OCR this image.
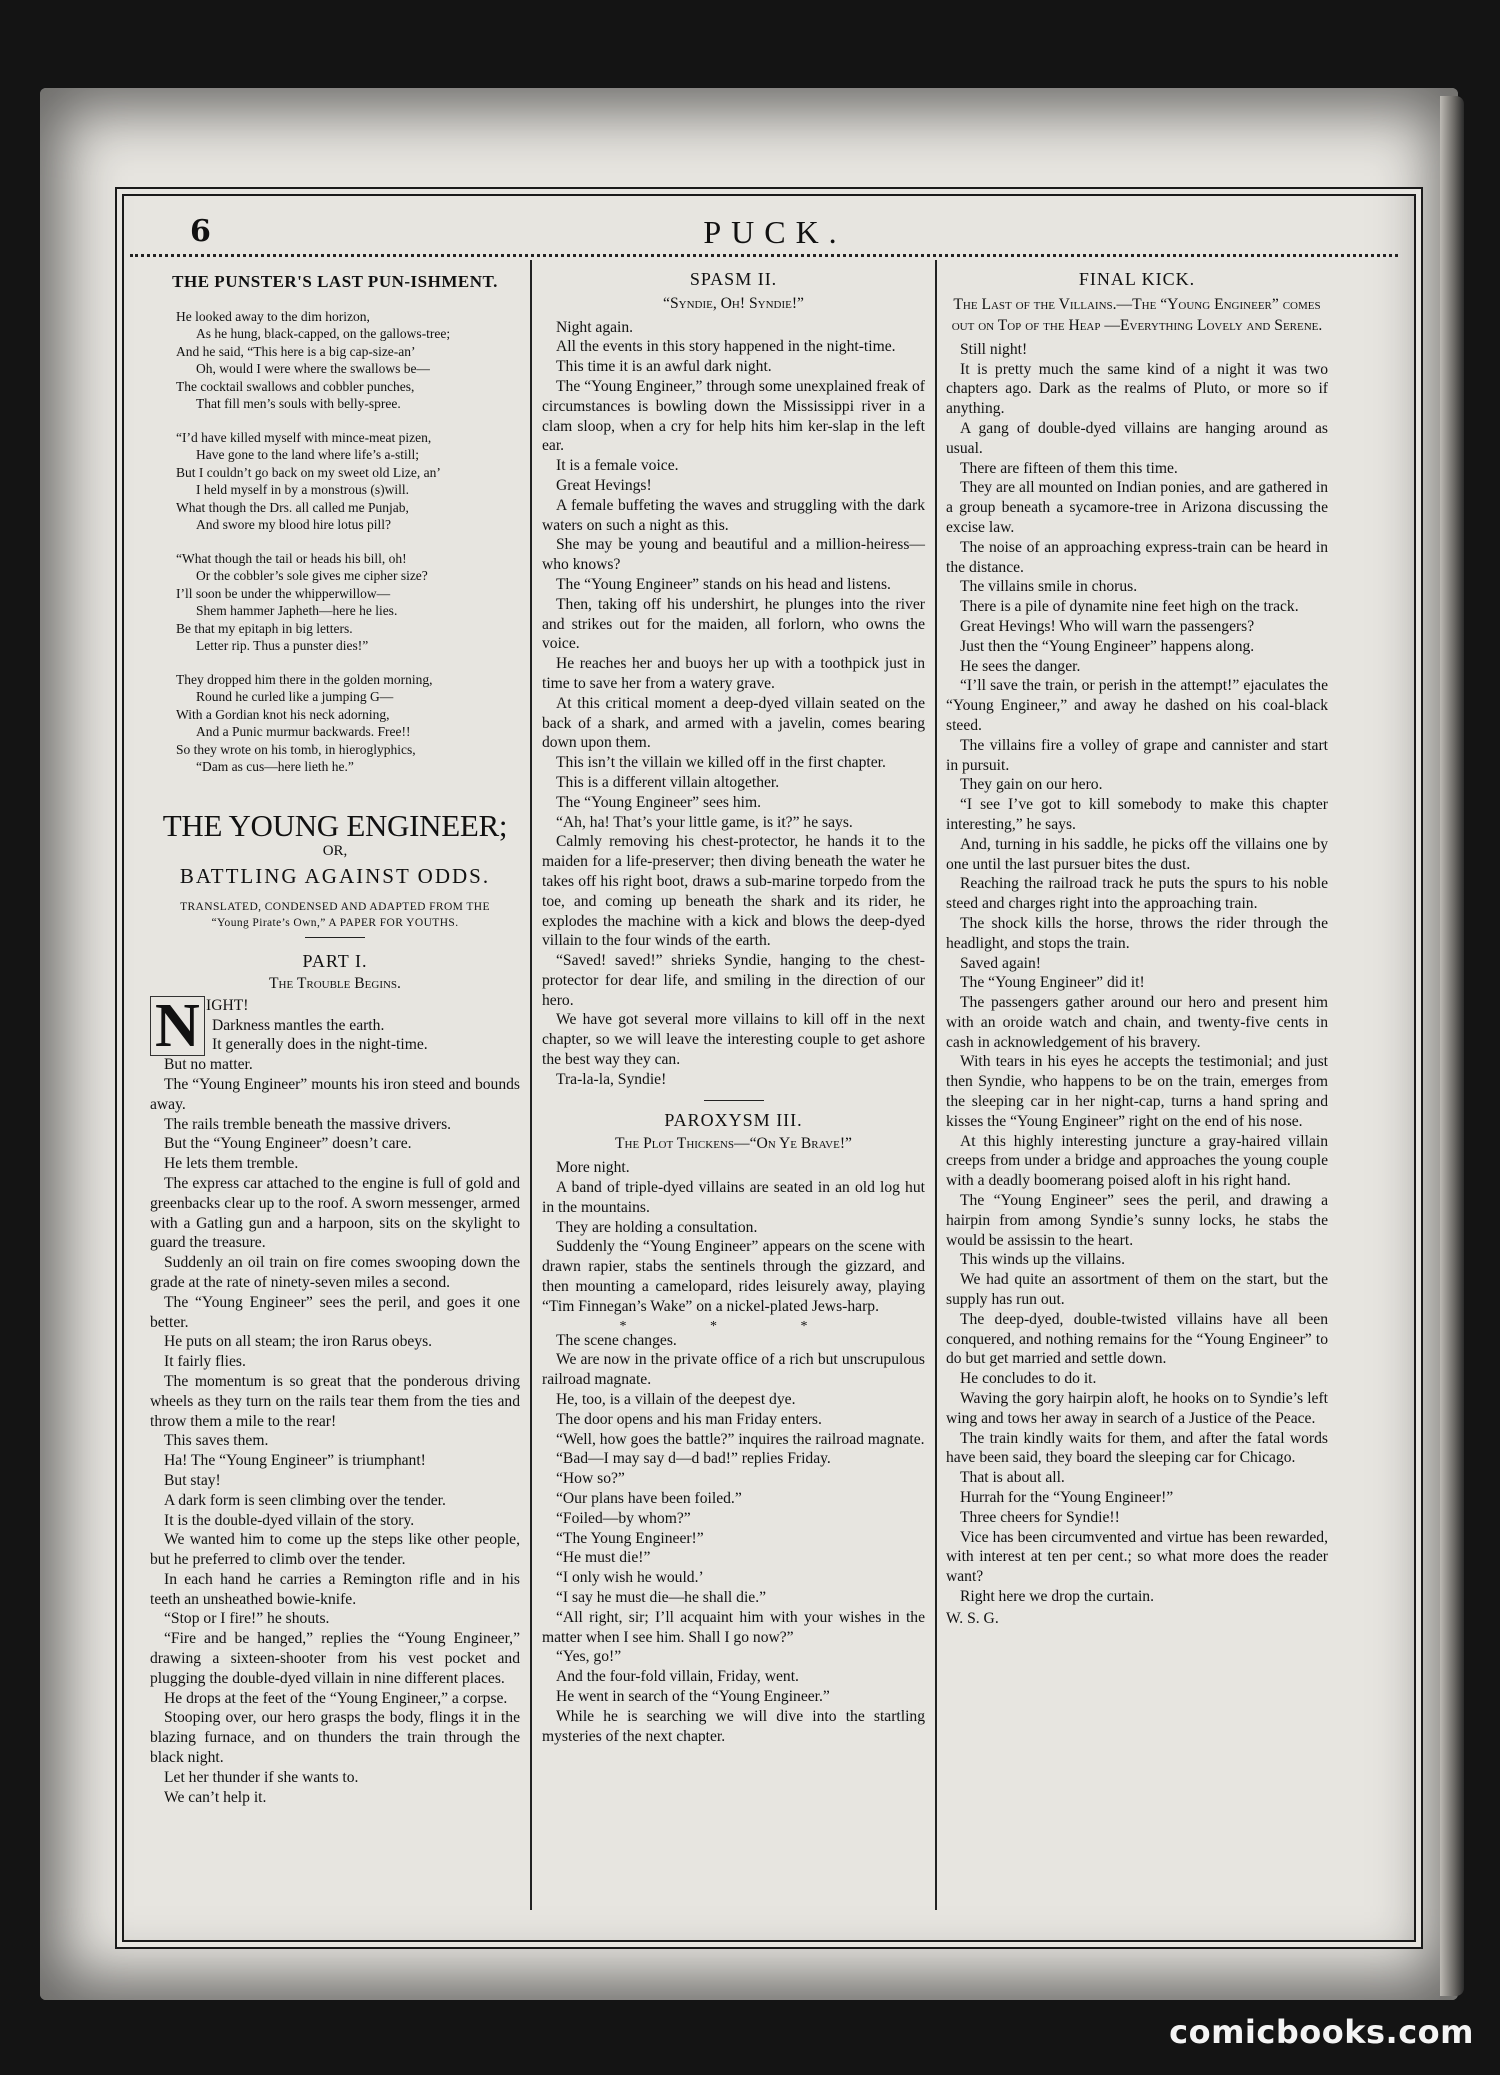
6	PUCK.
THE PUNSTER'S LAST PUN-ISHMENT.
He looked away to the dim horizon,
As he hung, black-capped, on the gallows-tree;
And he said, “This here is a big cap-size-an’
Oh, would I were where the swallows be—
The cocktail swallows and cobbler punches,
That fill men’s souls with belly-spree.
“I’d have killed myself with mince-meat pizen,
Have gone to the land where life’s a-still;
But I couldn’t go back on my sweet old Lize, an’
I held myself in by a monstrous (s)will.
What though the Drs. all called me Punjab,
And swore my blood hire lotus pill?
“What though the tail or heads his bill, oh!
Or the cobbler’s sole gives me cipher size?
I’ll soon be under the whipperwillow—
Shem hammer Japheth—here he lies.
Be that my epitaph in big letters.
Letter rip. Thus a punster dies!”
They dropped him there in the golden morning,
Round he curled like a jumping G—
With a Gordian knot his neck adorning,
And a Punic murmur backwards. Free!!
So they wrote on his tomb, in hieroglyphics,
“Dam as cus—here lieth he.”
THE YOUNG ENGINEER;
OR,
BATTLING AGAINST ODDS.
TRANSLATED, CONDENSED AND ADAPTED FROM THE “Young Pirate’s Own,” A PAPER FOR YOUTHS.
PART I.
The Trouble Begins.
N IGHT!
Darkness mantles the earth.
It generally does in the night-time.

But no matter.

The “Young Engineer” mounts his iron steed and bounds away.

The rails tremble beneath the massive drivers.

But the “Young Engineer” doesn’t care.

He lets them tremble.

The express car attached to the engine is full of gold and greenbacks clear up to the roof. A sworn messenger, armed with a Gatling gun and a harpoon, sits on the skylight to guard the treasure.

Suddenly an oil train on fire comes swooping down the grade at the rate of ninety-seven miles a second.

The “Young Engineer” sees the peril, and goes it one better.

He puts on all steam; the iron Rarus obeys.

It fairly flies.

The momentum is so great that the ponderous driving wheels as they turn on the rails tear them from the ties and throw them a mile to the rear!

This saves them.

Ha! The “Young Engineer” is triumphant!

But stay!

A dark form is seen climbing over the tender.

It is the double-dyed villain of the story.

We wanted him to come up the steps like other people, but he preferred to climb over the tender.

In each hand he carries a Remington rifle and in his teeth an unsheathed bowie-knife.

“Stop or I fire!” he shouts.

“Fire and be hanged,” replies the “Young Engineer,” drawing a sixteen-shooter from his vest pocket and plugging the double-dyed villain in nine different places.

He drops at the feet of the “Young Engineer,” a corpse.

Stooping over, our hero grasps the body, flings it in the blazing furnace, and on thunders the train through the black night.

Let her thunder if she wants to.

We can’t help it.

SPASM II.
“Syndie, Oh! Syndie!”

Night again.

All the events in this story happened in the night-time.

This time it is an awful dark night.

The “Young Engineer,” through some unexplained freak of circumstances is bowling down the Mississippi river in a clam sloop, when a cry for help hits him ker-slap in the left ear.

It is a female voice.

Great Hevings!

A female buffeting the waves and struggling with the dark waters on such a night as this.

She may be young and beautiful and a million-heiress—who knows?

The “Young Engineer” stands on his head and listens.

Then, taking off his undershirt, he plunges into the river and strikes out for the maiden, all forlorn, who owns the voice.

He reaches her and buoys her up with a toothpick just in time to save her from a watery grave.

At this critical moment a deep-dyed villain seated on the back of a shark, and armed with a javelin, comes bearing down upon them.

This isn’t the villain we killed off in the first chapter.

This is a different villain altogether.

The “Young Engineer” sees him.

“Ah, ha! That’s your little game, is it?” he says.

Calmly removing his chest-protector, he hands it to the maiden for a life-preserver; then diving beneath the water he takes off his right boot, draws a sub-marine torpedo from the toe, and coming up beneath the shark and its rider, he explodes the machine with a kick and blows the deep-dyed villain to the four winds of the earth.

“Saved! saved!” shrieks Syndie, hanging to the chest-protector for dear life, and smiling in the direction of our hero.

We have got several more villains to kill off in the next chapter, so we will leave the interesting couple to get ashore the best way they can.

Tra-la-la, Syndie!

PAROXYSM III.
The Plot Thickens—“On Ye Brave!”

More night.

A band of triple-dyed villains are seated in an old log hut in the mountains.

They are holding a consultation.

Suddenly the “Young Engineer” appears on the scene with drawn rapier, stabs the sentinels through the gizzard, and then mounting a camelopard, rides leisurely away, playing “Tim Finnegan’s Wake” on a nickel-plated Jews-harp.

* * *

The scene changes.

We are now in the private office of a rich but unscrupulous railroad magnate.

He, too, is a villain of the deepest dye.

The door opens and his man Friday enters.

“Well, how goes the battle?” inquires the railroad magnate.

“Bad—I may say d—d bad!” replies Friday.

“How so?”

“Our plans have been foiled.”

“Foiled—by whom?”

“The Young Engineer!”

“He must die!”

“I only wish he would.’

“I say he must die—he shall die.”

“All right, sir; I’ll acquaint him with your wishes in the matter when I see him. Shall I go now?”

“Yes, go!”

And the four-fold villain, Friday, went.

He went in search of the “Young Engineer.”

While he is searching we will dive into the startling mysteries of the next chapter.

FINAL KICK.
The Last of the Villains.—The “Young Engineer” comes out on Top of the Heap —Everything Lovely and Serene.

Still night!

It is pretty much the same kind of a night it was two chapters ago. Dark as the realms of Pluto, or more so if anything.

A gang of double-dyed villains are hanging around as usual.

There are fifteen of them this time.

They are all mounted on Indian ponies, and are gathered in a group beneath a sycamore-tree in Arizona discussing the excise law.

The noise of an approaching express-train can be heard in the distance.

The villains smile in chorus.

There is a pile of dynamite nine feet high on the track.

Great Hevings! Who will warn the passengers?

Just then the “Young Engineer” happens along.

He sees the danger.

“I’ll save the train, or perish in the attempt!” ejaculates the “Young Engineer,” and away he dashed on his coal-black steed.

The villains fire a volley of grape and cannister and start in pursuit.

They gain on our hero.

“I see I’ve got to kill somebody to make this chapter interesting,” he says.

And, turning in his saddle, he picks off the villains one by one until the last pursuer bites the dust.

Reaching the railroad track he puts the spurs to his noble steed and charges right into the approaching train.

The shock kills the horse, throws the rider through the headlight, and stops the train.

Saved again!

The “Young Engineer” did it!

The passengers gather around our hero and present him with an oroide watch and chain, and twenty-five cents in cash in acknowledgement of his bravery.

With tears in his eyes he accepts the testimonial; and just then Syndie, who happens to be on the train, emerges from the sleeping car in her night-cap, turns a hand spring and kisses the “Young Engineer” right on the end of his nose.

At this highly interesting juncture a gray-haired villain creeps from under a bridge and approaches the young couple with a deadly boomerang poised aloft in his right hand.

The “Young Engineer” sees the peril, and drawing a hairpin from among Syndie’s sunny locks, he stabs the would be assissin to the heart.

This winds up the villains.

We had quite an assortment of them on the start, but the supply has run out.

The deep-dyed, double-twisted villains have all been conquered, and nothing remains for the “Young Engineer” to do but get married and settle down.

He concludes to do it.

Waving the gory hairpin aloft, he hooks on to Syndie’s left wing and tows her away in search of a Justice of the Peace.

The train kindly waits for them, and after the fatal words have been said, they board the sleeping car for Chicago.

That is about all.

Hurrah for the “Young Engineer!”

Three cheers for Syndie!!

Vice has been circumvented and virtue has been rewarded, with interest at ten per cent.; so what more does the reader want?

Right here we drop the curtain.

W. S. G.

comicbooks.com
